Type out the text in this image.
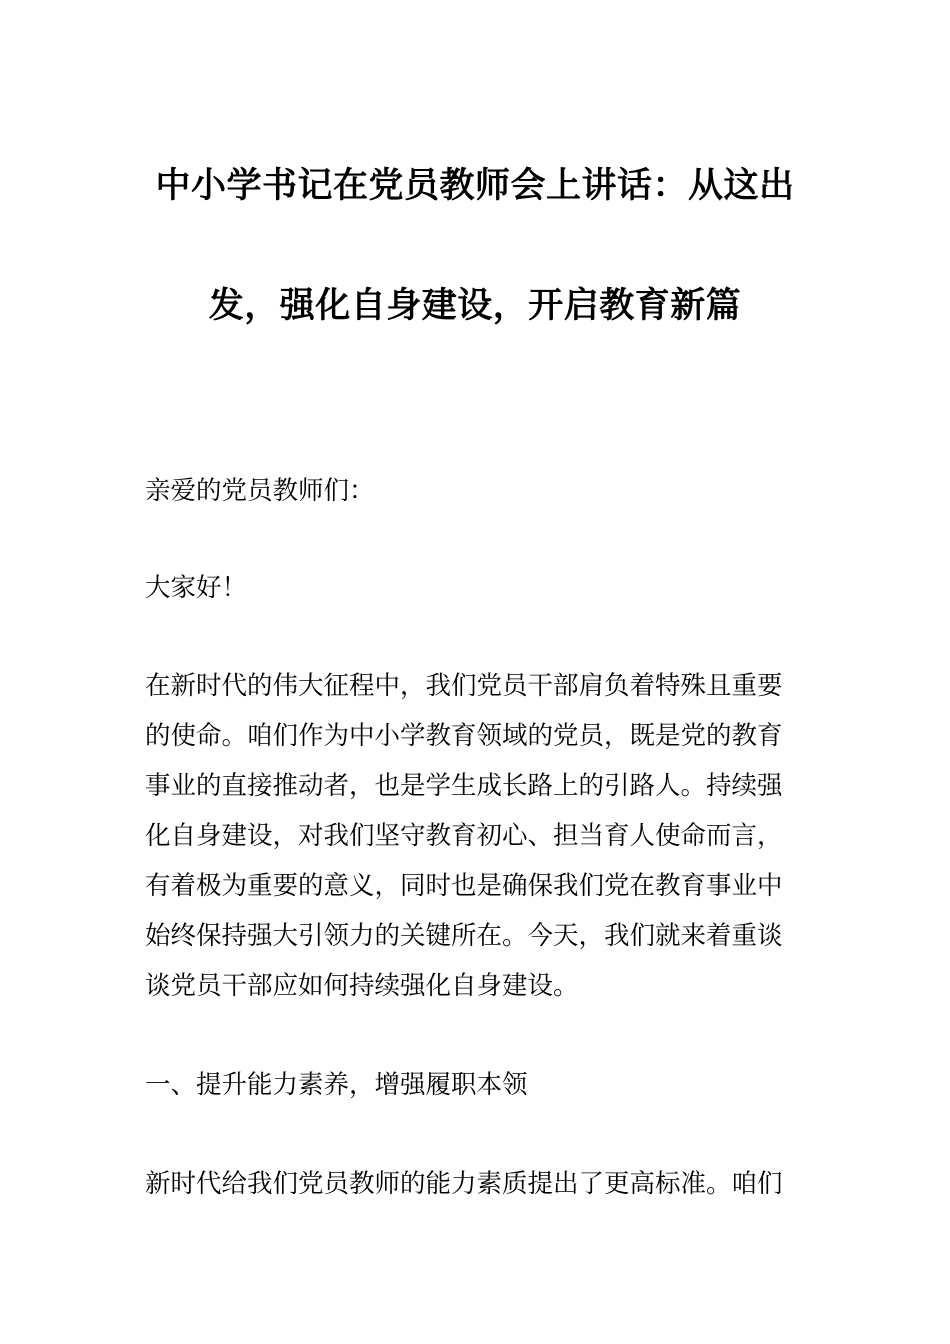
中小学书记在党员教师会上讲话：从这出
发，强化自身建设，开启教育新篇
亲爱的党员教师们：
大家好！
在新时代的伟大征程中，我们党员干部肩负着特殊且重要
的使命。咱们作为中小学教育领域的党员，既是党的教育
事业的直接推动者，也是学生成长路上的引路人。持续强
化自身建设，对我们坚守教育初心、担当育人使命而言，
有着极为重要的意义，同时也是确保我们党在教育事业中
始终保持强大引领力的关键所在。今天，我们就来着重谈
谈党员干部应如何持续强化自身建设。
一、提升能力素养，增强履职本领
新时代给我们党员教师的能力素质提出了更高标准。咱们
